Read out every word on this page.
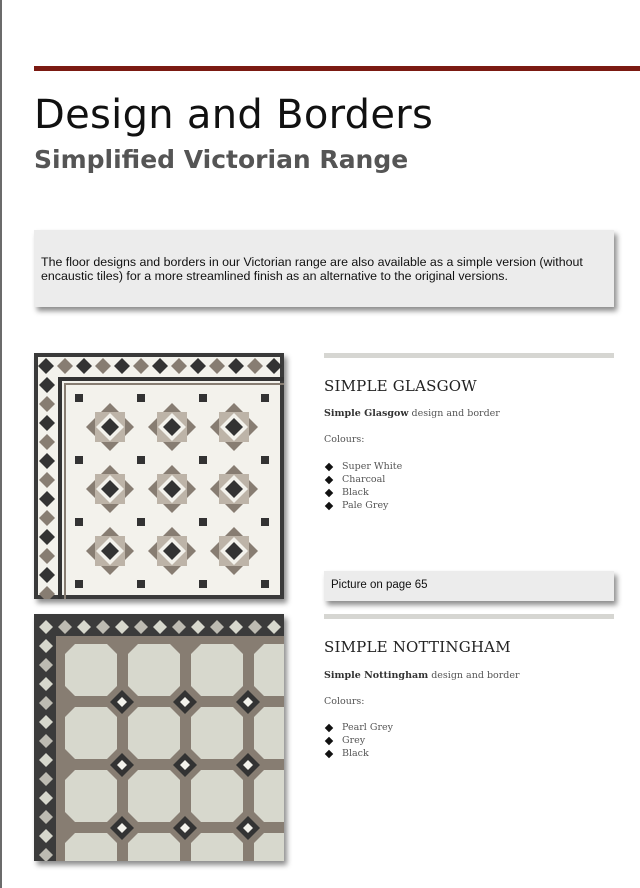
Design and Borders
Simplified Victorian Range

The floor designs and borders in our Victorian range are also available as a simple version (without encaustic tiles) for a more streamlined finish as an alternative to the original versions.

SIMPLE GLASGOW
Simple Glasgow design and border
Colours:
Super White
Charcoal
Black
Pale Grey
Picture on page 65
SIMPLE NOTTINGHAM
Simple Nottingham design and border
Colours:
Pearl Grey
Grey
Black
